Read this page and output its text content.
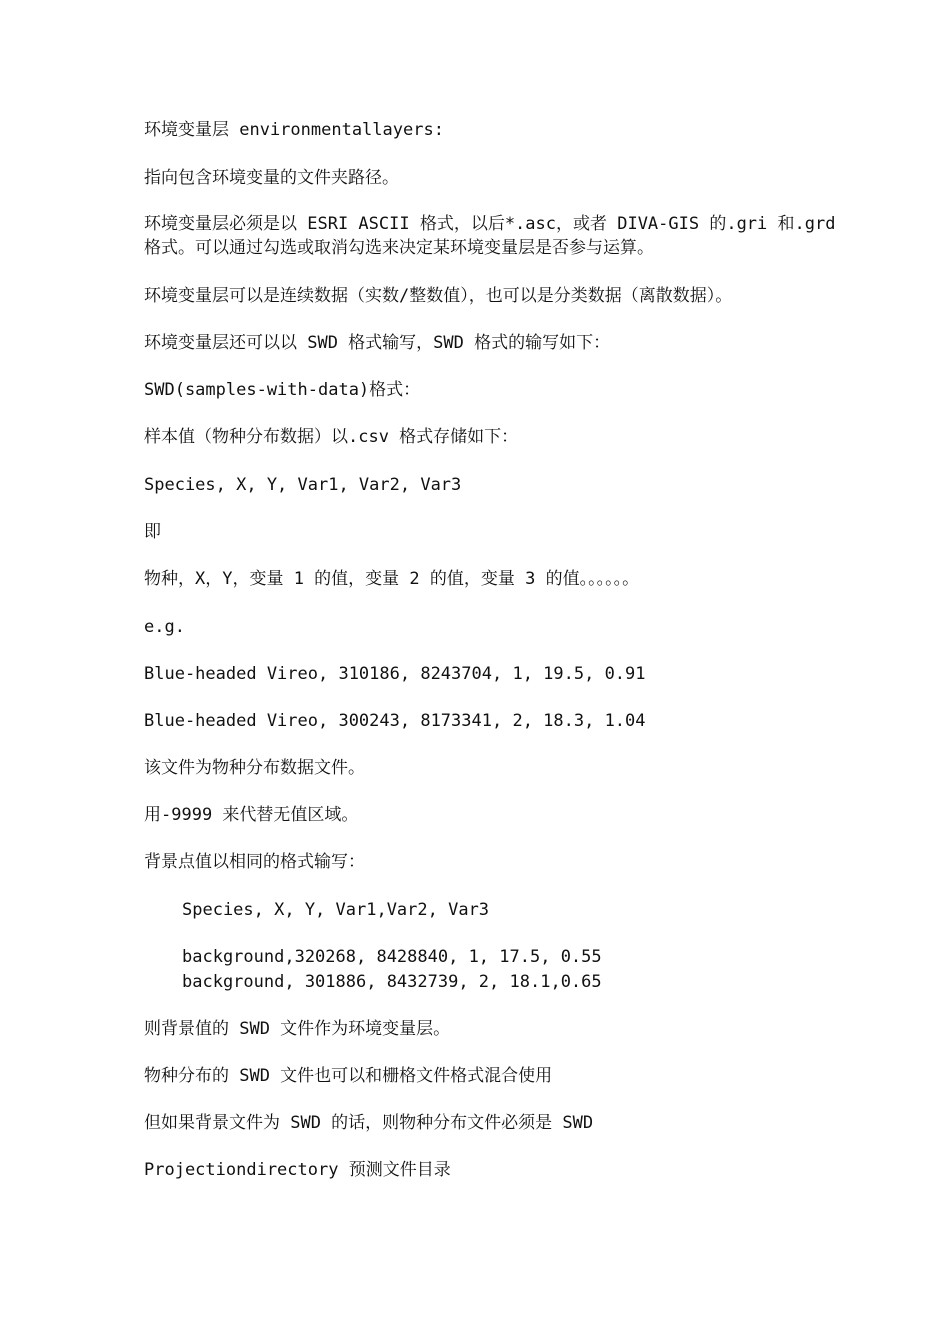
环境变量层 environmentallayers:
指向包含环境变量的文件夹路径。
环境变量层必须是以 ESRI ASCII 格式，以后*.asc，或者 DIVA-GIS 的.gri 和.grd
格式。可以通过勾选或取消勾选来决定某环境变量层是否参与运算。
环境变量层可以是连续数据（实数/整数值），也可以是分类数据（离散数据）。
环境变量层还可以以 SWD 格式输写，SWD 格式的输写如下：
SWD(samples-with-data)格式：
样本值（物种分布数据）以.csv 格式存储如下：
Species, X, Y, Var1, Var2, Var3
即
物种，X，Y，变量 1 的值，变量 2 的值，变量 3 的值。。。。。。
e.g.
Blue-headed Vireo, 310186, 8243704, 1, 19.5, 0.91
Blue-headed Vireo, 300243, 8173341, 2, 18.3, 1.04
该文件为物种分布数据文件。
用-9999 来代替无值区域。
背景点值以相同的格式输写：
Species, X, Y, Var1,Var2, Var3
background,320268, 8428840, 1, 17.5, 0.55
background, 301886, 8432739, 2, 18.1,0.65
则背景值的 SWD 文件作为环境变量层。
物种分布的 SWD 文件也可以和栅格文件格式混合使用
但如果背景文件为 SWD 的话，则物种分布文件必须是 SWD
Projectiondirectory 预测文件目录
